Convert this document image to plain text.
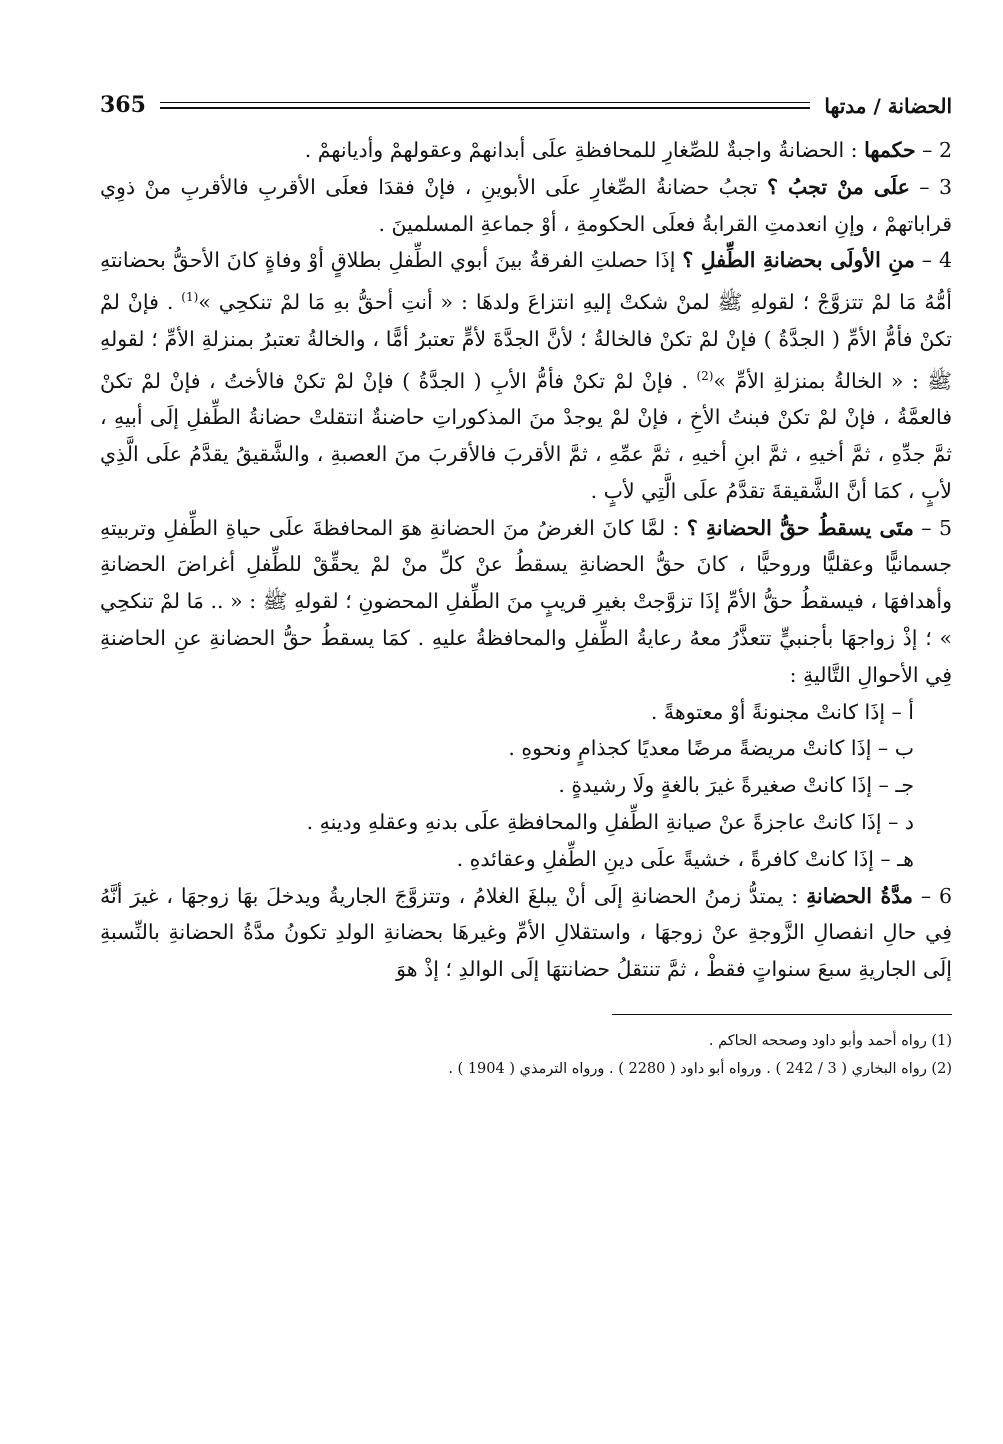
الحضانة / مدتها
365

2 – حكمها : الحضانةُ واجبةٌ للصِّغارِ للمحافظةِ علَى أبدانهمْ وعقولهمْ وأديانهمْ .

3 – علَى منْ تجبُ ؟ تجبُ حضانةُ الصِّغارِ علَى الأبوينِ ، فإنْ فقدَا فعلَى الأقربِ فالأقربِ منْ ذوِي قراباتهمْ ، وإنِ انعدمتِ القرابةُ فعلَى الحكومةِ ، أوْ جماعةِ المسلمينَ .

4 – منِ الأولَى بحضانةِ الطِّفلِ ؟ إذَا حصلتِ الفرقةُ بينَ أبوي الطِّفلِ بطلاقٍ أوْ وفاةٍ كانَ الأحقُّ بحضانتهِ أمُّهُ مَا لمْ تتزوَّجْ ؛ لقولهِ ﷺ لمنْ شكتْ إليهِ انتزاعَ ولدهَا : « أنتِ أحقُّ بهِ مَا لمْ تنكحِي »$^{(1)}$ . فإنْ لمْ تكنْ فأمُّ الأمِّ ( الجدَّةُ ) فإنْ لمْ تكنْ فالخالةُ ؛ لأنَّ الجدَّةَ لأمٍّ تعتبرُ أمًّا ، والخالةُ تعتبرُ بمنزلةِ الأمِّ ؛ لقولهِ ﷺ : « الخالةُ بمنزلةِ الأمِّ »$^{(2)}$ . فإنْ لمْ تكنْ فأمُّ الأبِ ( الجدَّةُ ) فإنْ لمْ تكنْ فالأختُ ، فإنْ لمْ تكنْ فالعمَّةُ ، فإنْ لمْ تكنْ فبنتُ الأخِ ، فإنْ لمْ يوجدْ منَ المذكوراتِ حاضنةٌ انتقلتْ حضانةُ الطِّفلِ إلَى أبيهِ ، ثمَّ جدِّهِ ، ثمَّ أخيهِ ، ثمَّ ابنِ أخيهِ ، ثمَّ عمِّهِ ، ثمَّ الأقربَ فالأقربَ منَ العصبةِ ، والشَّقيقُ يقدَّمُ علَى الَّذِي لأبٍ ، كمَا أنَّ الشَّقيقةَ تقدَّمُ علَى الَّتِي لأبٍ .

5 – متَى يسقطُ حقُّ الحضانةِ ؟ : لمَّا كانَ الغرضُ منَ الحضانةِ هوَ المحافظةَ علَى حياةِ الطِّفلِ وتربيتهِ جسمانيًّا وعقليًّا وروحيًّا ، كانَ حقُّ الحضانةِ يسقطُ عنْ كلِّ منْ لمْ يحقِّقْ للطِّفلِ أغراضَ الحضانةِ وأهدافهَا ، فيسقطُ حقُّ الأمِّ إذَا تزوَّجتْ بغيرِ قريبٍ منَ الطِّفلِ المحضونِ ؛ لقولهِ ﷺ : « .. مَا لمْ تنكحِي » ؛ إذْ زواجهَا بأجنبيٍّ تتعذَّرُ معهُ رعايةُ الطِّفلِ والمحافظةُ عليهِ . كمَا يسقطُ حقُّ الحضانةِ عنِ الحاضنةِ فِي الأحوالِ التَّاليةِ :

أ – إذَا كانتْ مجنونةً أوْ معتوهةً .

ب – إذَا كانتْ مريضةً مرضًا معديًا كجذامٍ ونحوهِ .

جـ – إذَا كانتْ صغيرةً غيرَ بالغةٍ ولَا رشيدةٍ .

د – إذَا كانتْ عاجزةً عنْ صيانةِ الطِّفلِ والمحافظةِ علَى بدنهِ وعقلهِ ودينهِ .

هـ – إذَا كانتْ كافرةً ، خشيةً علَى دينِ الطِّفلِ وعقائدهِ .

6 – مدَّةُ الحضانةِ : يمتدُّ زمنُ الحضانةِ إلَى أنْ يبلغَ الغلامُ ، وتتزوَّجَ الجاريةُ ويدخلَ بهَا زوجهَا ، غيرَ أنَّهُ فِي حالِ انفصالِ الزَّوجةِ عنْ زوجهَا ، واستقلالِ الأمِّ وغيرهَا بحضانةِ الولدِ تكونُ مدَّةُ الحضانةِ بالنِّسبةِ إلَى الجاريةِ سبعَ سنواتٍ فقطْ ، ثمَّ تنتقلُ حضانتهَا إلَى الوالدِ ؛ إذْ هوَ

(1) رواه أحمد وأبو داود وصححه الحاكم .

(2) رواه البخاري ( 3 / 242 ) . ورواه أبو داود ( 2280 ) . ورواه الترمذي ( 1904 ) .
